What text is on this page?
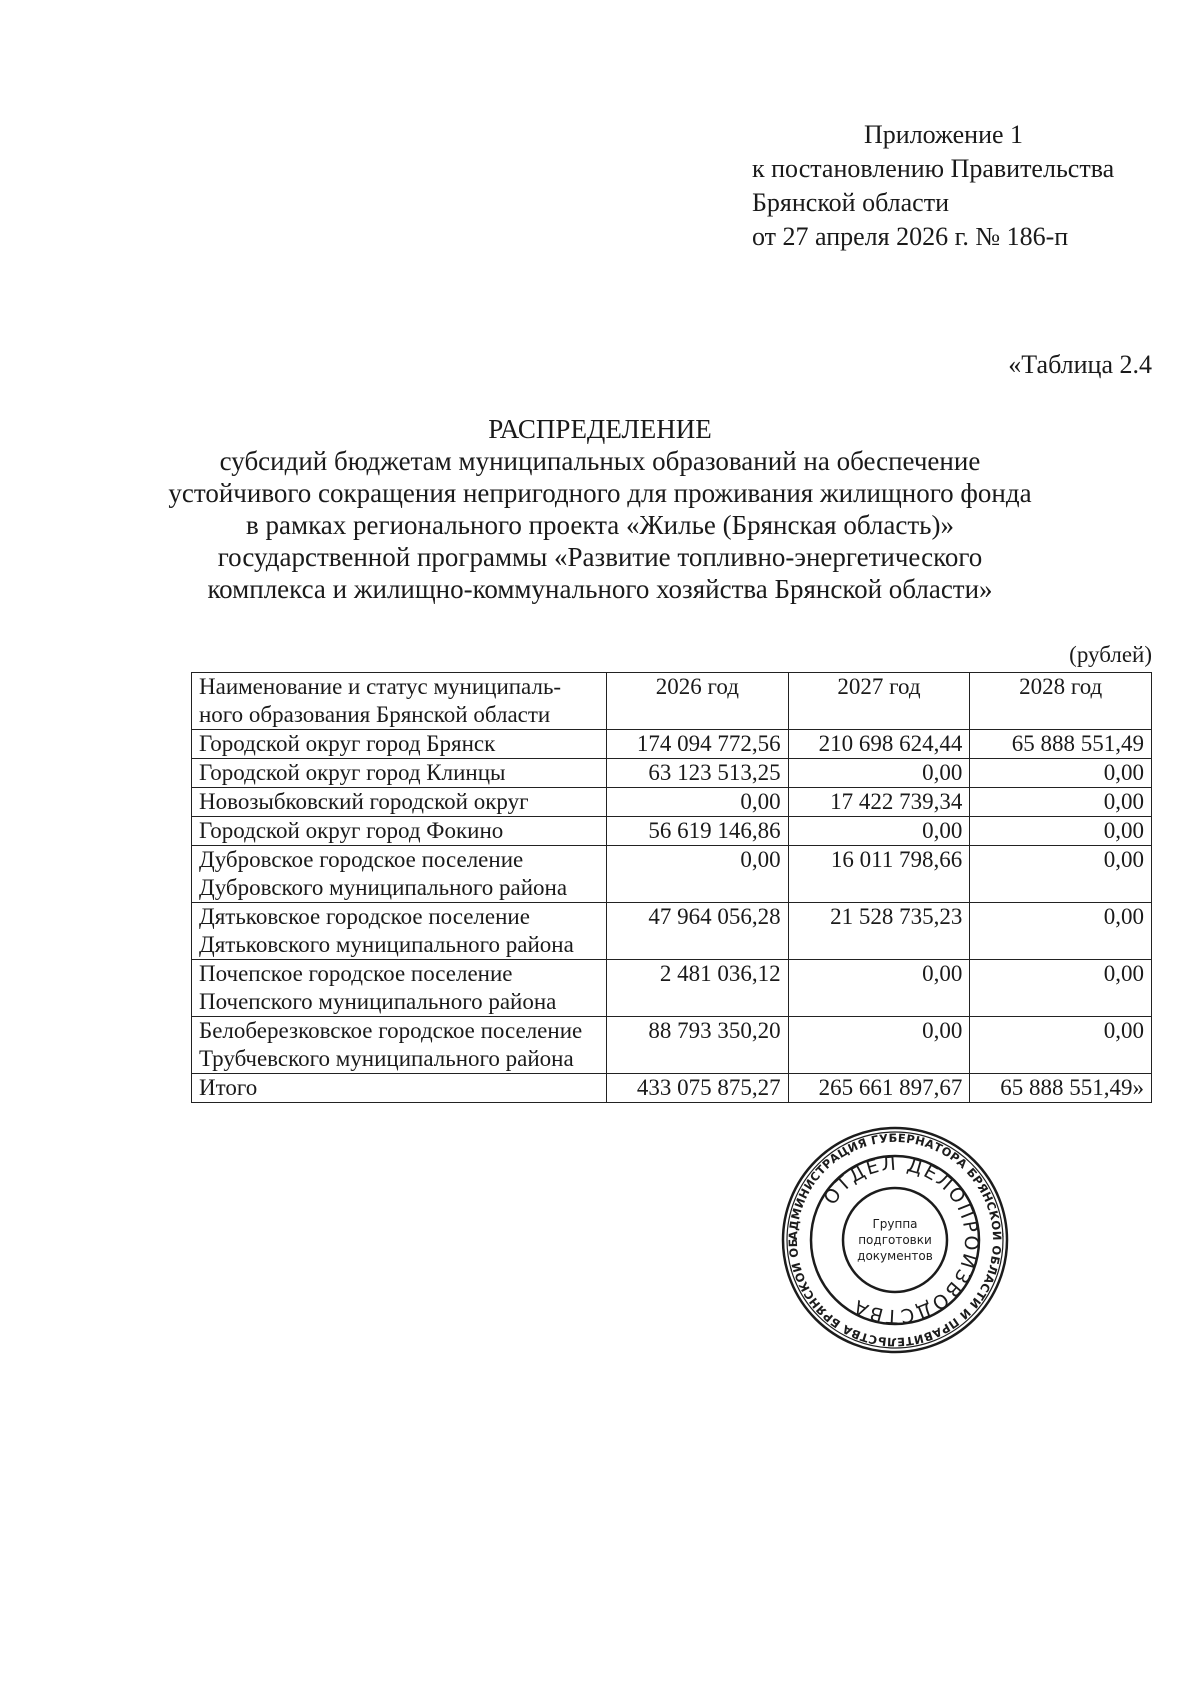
Приложение 1
к постановлению Правительства
Брянской области
от 27 апреля 2026 г. № 186-п
«Таблица 2.4
РАСПРЕДЕЛЕНИЕ
субсидий бюджетам муниципальных образований на обеспечение
устойчивого сокращения непригодного для проживания жилищного фонда
в рамках регионального проекта «Жилье (Брянская область)»
государственной программы «Развитие топливно-энергетического
комплекса и жилищно-коммунального хозяйства Брянской области»
(рублей)
Наименование и статус муниципаль-
ного образования Брянской области	2026 год	2027 год	2028 год

Городской округ город Брянск	174 094 772,56	210 698 624,44	65 888 551,49

Городской округ город Клинцы	63 123 513,25	0,00	0,00

Новозыбковский городской округ	0,00	17 422 739,34	0,00

Городской округ город Фокино	56 619 146,86	0,00	0,00

Дубровское городское поселение
Дубровского муниципального района	0,00	16 011 798,66	0,00

Дятьковское городское поселение
Дятьковского муниципального района	47 964 056,28	21 528 735,23	0,00

Почепское городское поселение
Почепского муниципального района	2 481 036,12	0,00	0,00

Белоберезковское городское поселение
Трубчевского муниципального района	88 793 350,20	0,00	0,00
Итого	433 075 875,27	265 661 897,67	65 888 551,49»
АДМИНИСТРАЦИЯ ГУБЕРНАТОРА БРЯНСКОЙ ОБЛАСТИ И ПРАВИТЕЛЬСТВА БРЯНСКОЙ ОБ
ОТДЕЛ ДЕЛОПРОИЗВОДСТВА
Группа
подготовки
документов
